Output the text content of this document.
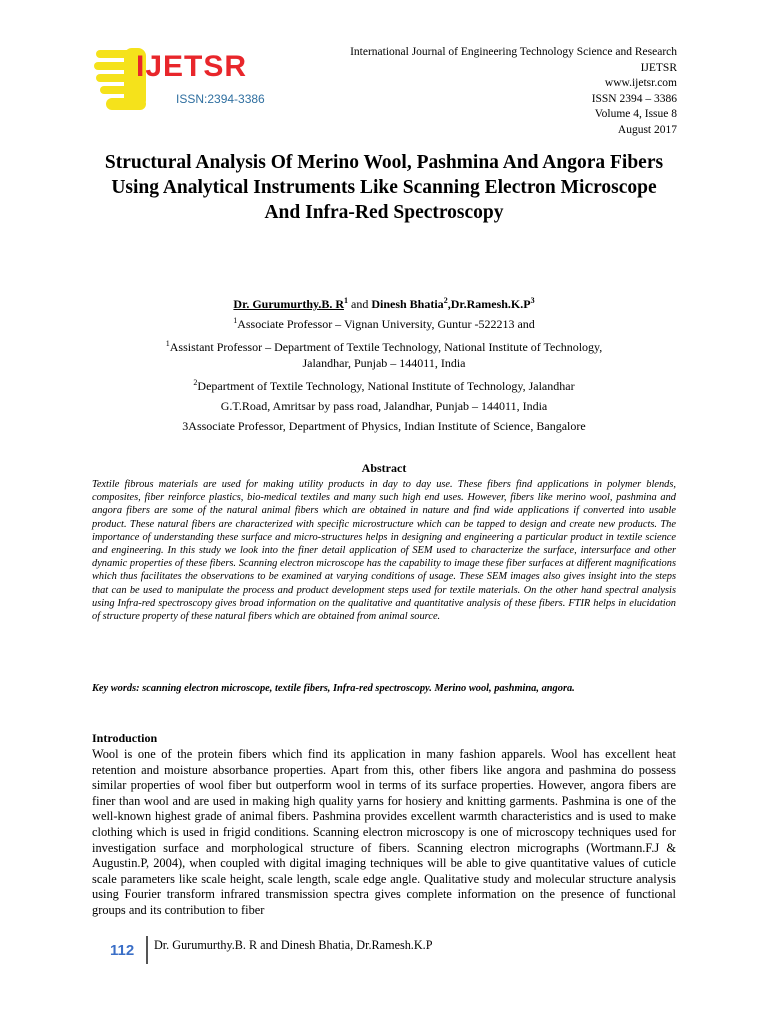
IJETSR
ISSN:2394-3386
International Journal of Engineering Technology Science and Research
IJETSR
www.ijetsr.com
ISSN 2394 – 3386
Volume 4, Issue 8
August 2017
Structural Analysis Of Merino Wool, Pashmina And Angora Fibers Using Analytical Instruments Like Scanning Electron Microscope And Infra-Red Spectroscopy
Dr. Gurumurthy.B. $R^1$ and Dinesh $Bhatia^2,Dr.Ramesh.K.P^3$
$^1$Associate Professor – Vignan University, Guntur -522213 and
$^1$Assistant Professor – Department of Textile Technology, National Institute of Technology,
Jalandhar, Punjab – 144011, India
$^2$Department of Textile Technology, National Institute of Technology, Jalandhar
G.T.Road, Amritsar by pass road, Jalandhar, Punjab – 144011, India
3Associate Professor, Department of Physics, Indian Institute of Science, Bangalore
Abstract
Textile fibrous materials are used for making utility products in day to day use. These fibers find applications in polymer blends, composites, fiber reinforce plastics, bio-medical textiles and many such high end uses. However, fibers like merino wool, pashmina and angora fibers are some of the natural animal fibers which are obtained in nature and find wide applications if converted into usable product. These natural fibers are characterized with specific microstructure which can be tapped to design and create new products. The importance of understanding these surface and micro-structures helps in designing and engineering a particular product in textile science and engineering. In this study we look into the finer detail application of SEM used to characterize the surface, intersurface and other dynamic properties of these fibers. Scanning electron microscope has the capability to image these fiber surfaces at different magnifications which thus facilitates the observations to be examined at varying conditions of usage. These SEM images also gives insight into the steps that can be used to manipulate the process and product development steps used for textile materials. On the other hand spectral analysis using Infra-red spectroscopy gives broad information on the qualitative and quantitative analysis of these fibers. FTIR helps in elucidation of structure property of these natural fibers which are obtained from animal source.
Key words: scanning electron microscope, textile fibers, Infra-red spectroscopy. Merino wool, pashmina, angora.
Introduction
Wool is one of the protein fibers which find its application in many fashion apparels. Wool has excellent heat retention and moisture absorbance properties. Apart from this, other fibers like angora and pashmina do possess similar properties of wool fiber but outperform wool in terms of its surface properties. However, angora fibers are finer than wool and are used in making high quality yarns for hosiery and knitting garments. Pashmina is one of the well-known highest grade of animal fibers. Pashmina provides excellent warmth characteristics and is used to make clothing which is used in frigid conditions. Scanning electron microscopy is one of microscopy techniques used for investigation surface and morphological structure of fibers. Scanning electron micrographs (Wortmann.F.J & Augustin.P, 2004), when coupled with digital imaging techniques will be able to give quantitative values of cuticle scale parameters like scale height, scale length, scale edge angle. Qualitative study and molecular structure analysis using Fourier transform infrared transmission spectra gives complete information on the presence of functional groups and its contribution to fiber
112 Dr. Gurumurthy.B. R and Dinesh Bhatia, Dr.Ramesh.K.P
